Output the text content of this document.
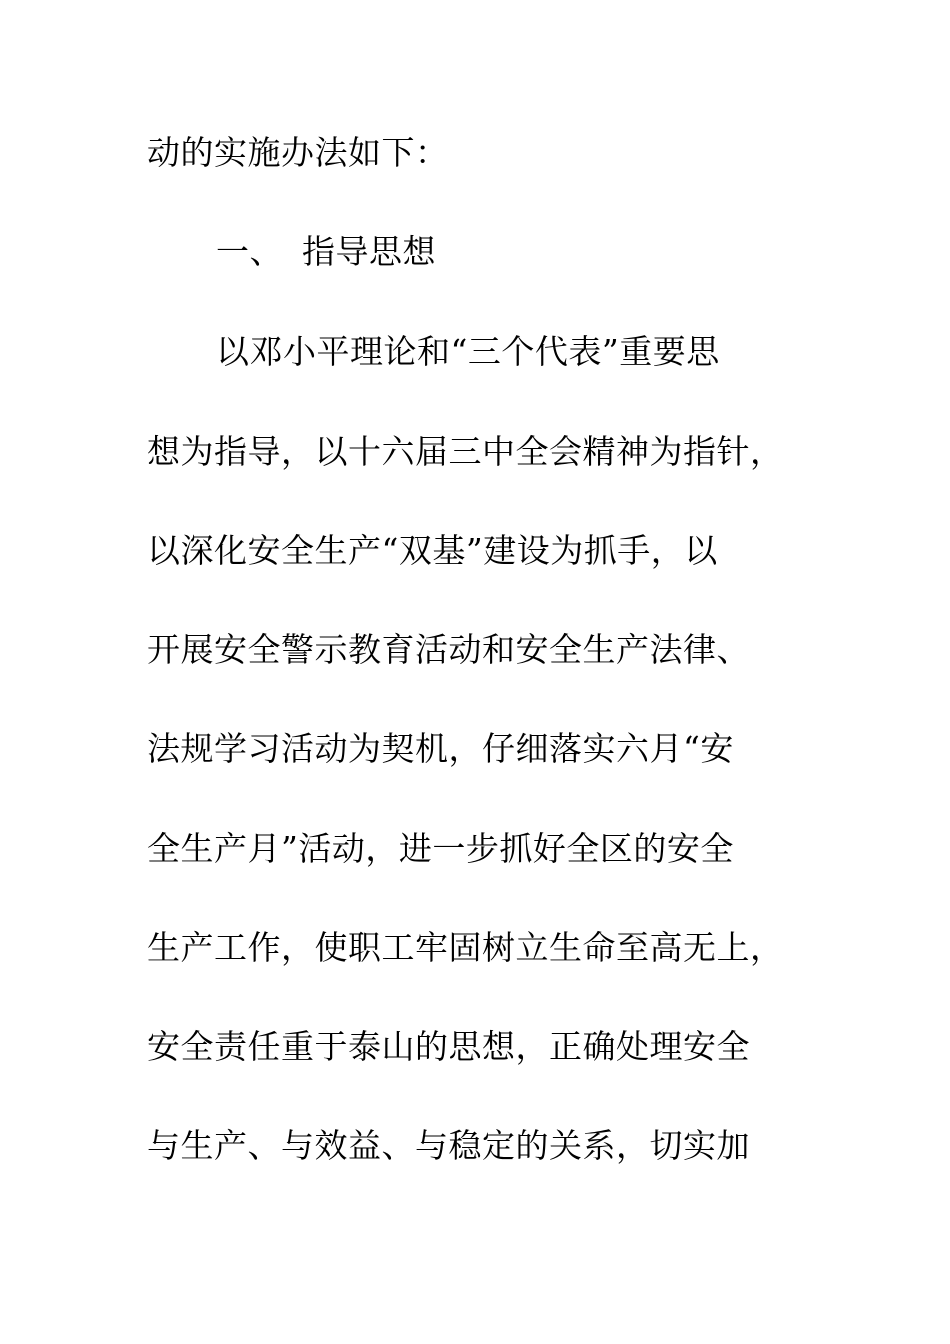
动的实施办法如下：
一、 指导思想
以邓小平理论和“三个代表”重要思
想为指导，以十六届三中全会精神为指针，
以深化安全生产“双基”建设为抓手，以
开展安全警示教育活动和安全生产法律、
法规学习活动为契机，仔细落实六月“安
全生产月”活动，进一步抓好全区的安全
生产工作，使职工牢固树立生命至高无上，
安全责任重于泰山的思想，正确处理安全
与生产、与效益、与稳定的关系，切实加
